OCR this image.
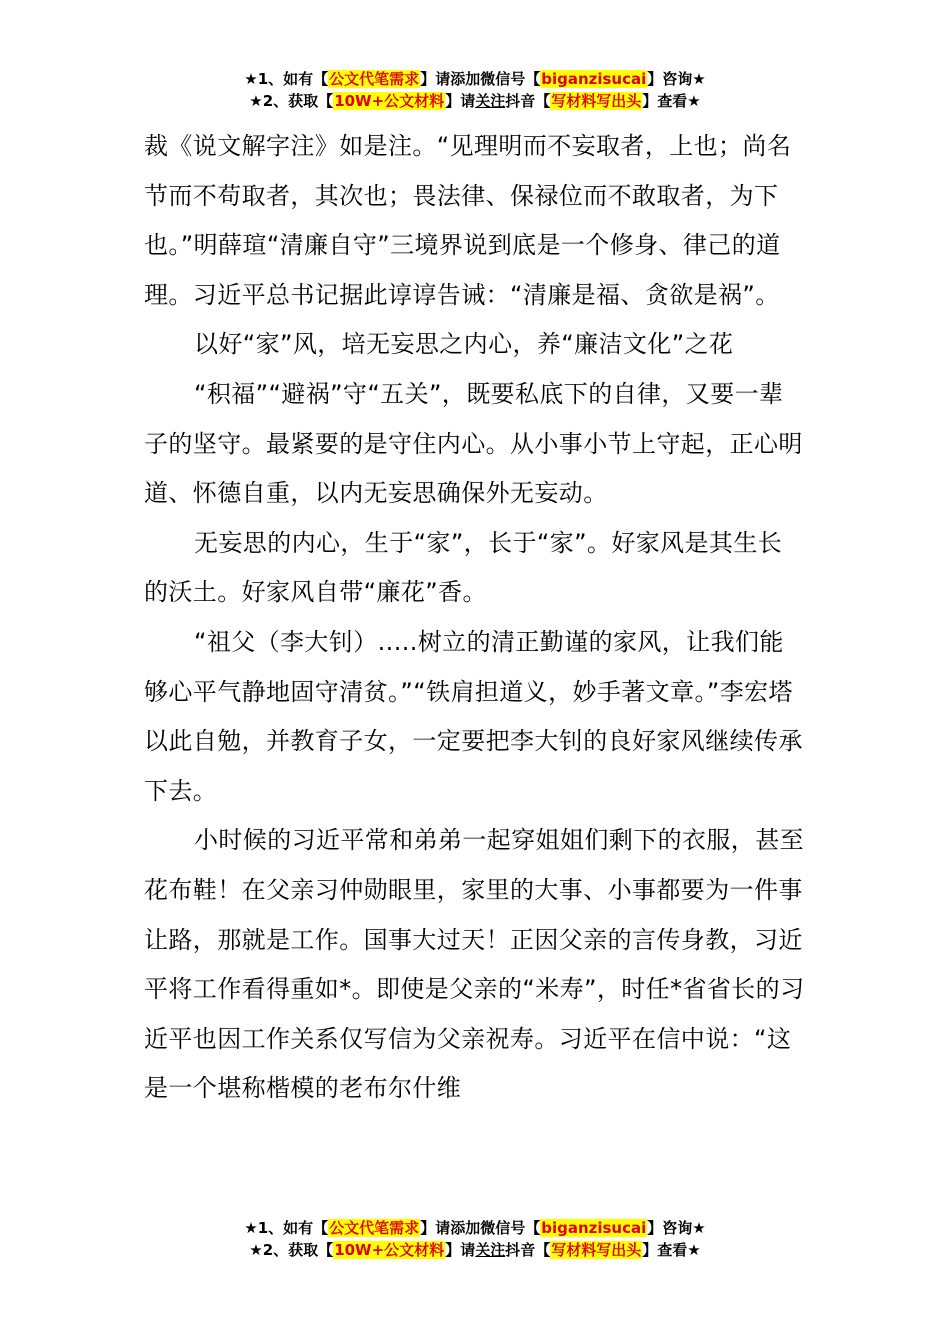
★1、如有【公文代笔需求】请添加微信号【biganzisucai】咨询★
★2、获取【10W+公文材料】请关注抖音【写材料写出头】查看★

裁《说文解字注》如是注。“见理明而不妄取者，上也；尚名节而不苟取者，其次也；畏法律、保禄位而不敢取者，为下也。”明薛瑄“清廉自守”三境界说到底是一个修身、律己的道理。习近平总书记据此谆谆告诫：“清廉是福、贪欲是祸”。

以好“家”风，培无妄思之内心，养“廉洁文化”之花

“积福”“避祸”守“五关”，既要私底下的自律，又要一辈子的坚守。最紧要的是守住内心。从小事小节上守起，正心明道、怀德自重，以内无妄思确保外无妄动。

无妄思的内心，生于“家”，长于“家”。好家风是其生长的沃土。好家风自带“廉花”香。

“祖父（李大钊）.....树立的清正勤谨的家风，让我们能够心平气静地固守清贫。”“铁肩担道义，妙手著文章。”李宏塔以此自勉，并教育子女，一定要把李大钊的良好家风继续传承下去。

小时候的习近平常和弟弟一起穿姐姐们剩下的衣服，甚至花布鞋！在父亲习仲勋眼里，家里的大事、小事都要为一件事让路，那就是工作。国事大过天！正因父亲的言传身教，习近平将工作看得重如*。即使是父亲的“米寿”，时任*省省长的习近平也因工作关系仅写信为父亲祝寿。习近平在信中说：“这是一个堪称楷模的老布尔什维

★1、如有【公文代笔需求】请添加微信号【biganzisucai】咨询★
★2、获取【10W+公文材料】请关注抖音【写材料写出头】查看★
